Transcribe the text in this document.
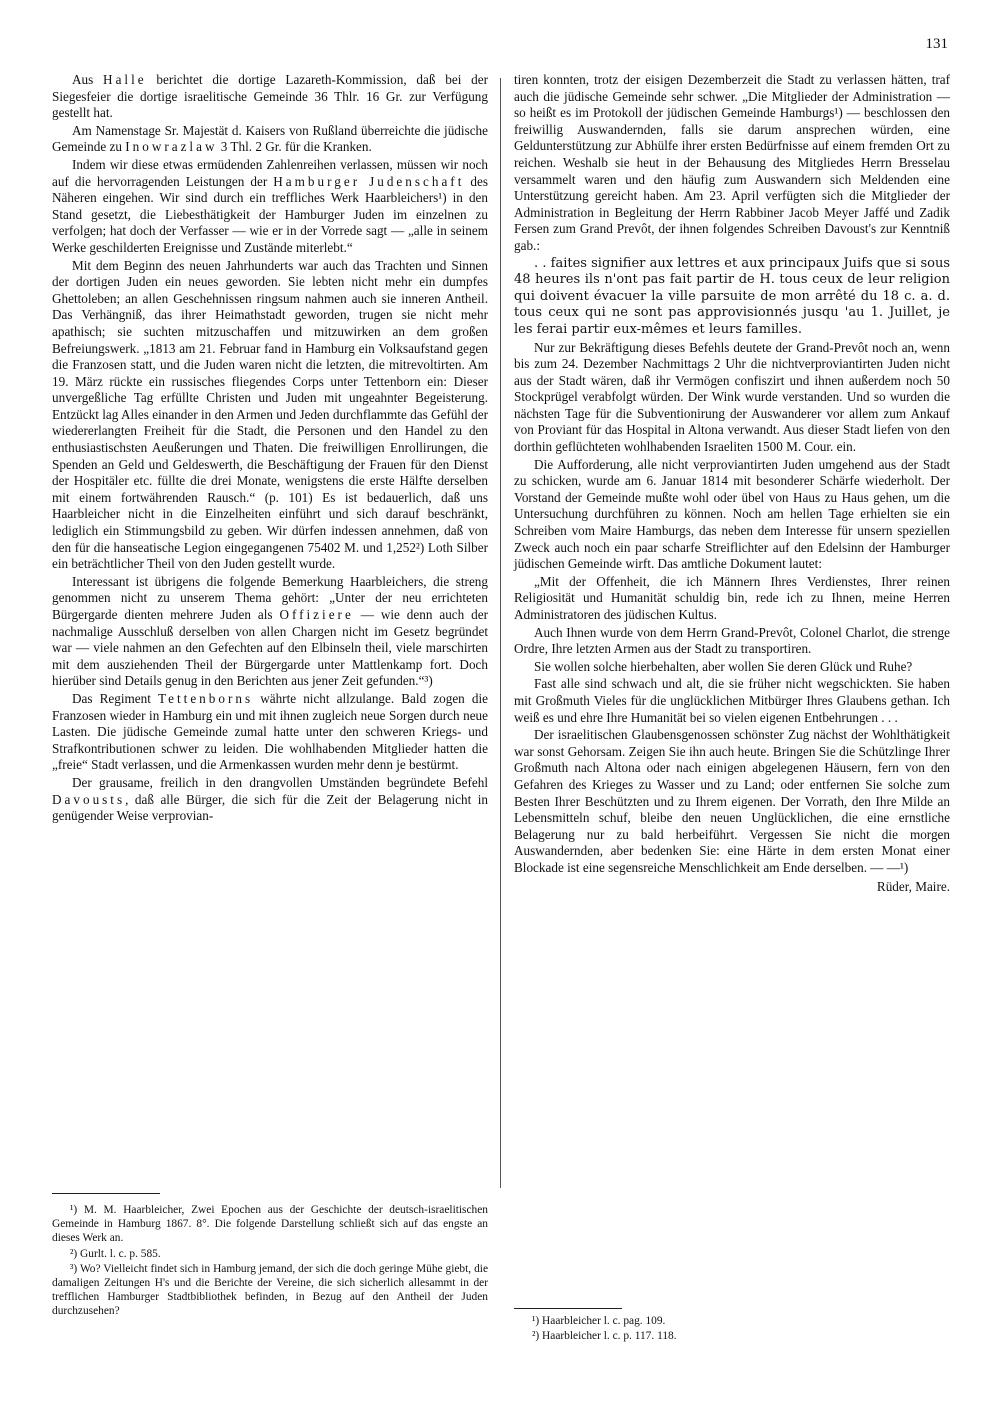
131

Aus Halle berichtet die dortige Lazareth-Kommission, daß bei der Siegesfeier die dortige israelitische Gemeinde 36 Thlr. 16 Gr. zur Verfügung gestellt hat.

Am Namenstage Sr. Majestät d. Kaisers von Rußland überreichte die jüdische Gemeinde zu Inowrazlaw 3 Thl. 2 Gr. für die Kranken.

Indem wir diese etwas ermüdenden Zahlenreihen verlassen, müssen wir noch auf die hervorragenden Leistungen der Hamburger Judenschaft des Näheren eingehen. Wir sind durch ein treffliches Werk Haarbleichers¹) in den Stand gesetzt, die Liebesthätigkeit der Hamburger Juden im einzelnen zu verfolgen; hat doch der Verfasser — wie er in der Vorrede sagt — „alle in seinem Werke geschilderten Ereignisse und Zustände miterlebt.“

Mit dem Beginn des neuen Jahrhunderts war auch das Trachten und Sinnen der dortigen Juden ein neues geworden. Sie lebten nicht mehr ein dumpfes Ghettoleben; an allen Geschehnissen ringsum nahmen auch sie inneren Antheil. Das Verhängniß, das ihrer Heimathstadt geworden, trugen sie nicht mehr apathisch; sie suchten mitzuschaffen und mitzuwirken an dem großen Befreiungswerk. „1813 am 21. Februar fand in Hamburg ein Volksaufstand gegen die Franzosen statt, und die Juden waren nicht die letzten, die mitrevoltirten. Am 19. März rückte ein russisches fliegendes Corps unter Tettenborn ein: Dieser unvergeßliche Tag erfüllte Christen und Juden mit ungeahnter Begeisterung. Entzückt lag Alles einander in den Armen und Jeden durchflammte das Gefühl der wiedererlangten Freiheit für die Stadt, die Personen und den Handel zu den enthusiastischsten Aeußerungen und Thaten. Die freiwilligen Enrollirungen, die Spenden an Geld und Geldeswerth, die Beschäftigung der Frauen für den Dienst der Hospitäler etc. füllte die drei Monate, wenigstens die erste Hälfte derselben mit einem fortwährenden Rausch.“ (p. 101) Es ist bedauerlich, daß uns Haarbleicher nicht in die Einzelheiten einführt und sich darauf beschränkt, lediglich ein Stimmungsbild zu geben. Wir dürfen indessen annehmen, daß von den für die hanseatische Legion eingegangenen 75402 M. und 1,252²) Loth Silber ein beträchtlicher Theil von den Juden gestellt wurde.

Interessant ist übrigens die folgende Bemerkung Haarbleichers, die streng genommen nicht zu unserem Thema gehört: „Unter der neu errichteten Bürgergarde dienten mehrere Juden als Offiziere — wie denn auch der nachmalige Ausschluß derselben von allen Chargen nicht im Gesetz begründet war — viele nahmen an den Gefechten auf den Elbinseln theil, viele marschirten mit dem ausziehenden Theil der Bürgergarde unter Mattlenkamp fort. Doch hierüber sind Details genug in den Berichten aus jener Zeit gefunden.“³)

Das Regiment Tettenborns währte nicht allzulange. Bald zogen die Franzosen wieder in Hamburg ein und mit ihnen zugleich neue Sorgen durch neue Lasten. Die jüdische Gemeinde zumal hatte unter den schweren Kriegs- und Strafkontributionen schwer zu leiden. Die wohlhabenden Mitglieder hatten die „freie“ Stadt verlassen, und die Armenkassen wurden mehr denn je bestürmt.

Der grausame, freilich in den drangvollen Umständen begründete Befehl Davousts, daß alle Bürger, die sich für die Zeit der Belagerung nicht in genügender Weise verprovian-

¹) M. M. Haarbleicher, Zwei Epochen aus der Geschichte der deutsch-israelitischen Gemeinde in Hamburg 1867. 8°. Die folgende Darstellung schließt sich auf das engste an dieses Werk an.

²) Gurlt. l. c. p. 585.

³) Wo? Vielleicht findet sich in Hamburg jemand, der sich die doch geringe Mühe giebt, die damaligen Zeitungen H's und die Berichte der Vereine, die sich sicherlich allesammt in der trefflichen Hamburger Stadtbibliothek befinden, in Bezug auf den Antheil der Juden durchzusehen?

tiren konnten, trotz der eisigen Dezemberzeit die Stadt zu verlassen hätten, traf auch die jüdische Gemeinde sehr schwer. „Die Mitglieder der Administration — so heißt es im Protokoll der jüdischen Gemeinde Hamburgs¹) — beschlossen den freiwillig Auswandernden, falls sie darum ansprechen würden, eine Geldunterstützung zur Abhülfe ihrer ersten Bedürfnisse auf einem fremden Ort zu reichen. Weshalb sie heut in der Behausung des Mitgliedes Herrn Bresselau versammelt waren und den häufig zum Auswandern sich Meldenden eine Unterstützung gereicht haben. Am 23. April verfügten sich die Mitglieder der Administration in Begleitung der Herrn Rabbiner Jacob Meyer Jaffé und Zadik Fersen zum Grand Prevôt, der ihnen folgendes Schreiben Davoust's zur Kenntniß gab.:

. . faites signifier aux lettres et aux principaux Juifs que si sous 48 heures ils n'ont pas fait partir de H. tous ceux de leur religion qui doivent évacuer la ville parsuite de mon arrêté du 18 c. a. d. tous ceux qui ne sont pas approvisionnés jusqu 'au 1. Juillet, je les ferai partir eux-mêmes et leurs familles.

Nur zur Bekräftigung dieses Befehls deutete der Grand-Prevôt noch an, wenn bis zum 24. Dezember Nachmittags 2 Uhr die nichtverproviantirten Juden nicht aus der Stadt wären, daß ihr Vermögen confiszirt und ihnen außerdem noch 50 Stockprügel verabfolgt würden. Der Wink wurde verstanden. Und so wurden die nächsten Tage für die Subventionirung der Auswanderer vor allem zum Ankauf von Proviant für das Hospital in Altona verwandt. Aus dieser Stadt liefen von den dorthin geflüchteten wohlhabenden Israeliten 1500 M. Cour. ein.

Die Aufforderung, alle nicht verproviantirten Juden umgehend aus der Stadt zu schicken, wurde am 6. Januar 1814 mit besonderer Schärfe wiederholt. Der Vorstand der Gemeinde mußte wohl oder übel von Haus zu Haus gehen, um die Untersuchung durchführen zu können. Noch am hellen Tage erhielten sie ein Schreiben vom Maire Hamburgs, das neben dem Interesse für unsern speziellen Zweck auch noch ein paar scharfe Streiflichter auf den Edelsinn der Hamburger jüdischen Gemeinde wirft. Das amtliche Dokument lautet:

„Mit der Offenheit, die ich Männern Ihres Verdienstes, Ihrer reinen Religiosität und Humanität schuldig bin, rede ich zu Ihnen, meine Herren Administratoren des jüdischen Kultus.

Auch Ihnen wurde von dem Herrn Grand-Prevôt, Colonel Charlot, die strenge Ordre, Ihre letzten Armen aus der Stadt zu transportiren.

Sie wollen solche hierbehalten, aber wollen Sie deren Glück und Ruhe?

Fast alle sind schwach und alt, die sie früher nicht wegschickten. Sie haben mit Großmuth Vieles für die unglücklichen Mitbürger Ihres Glaubens gethan. Ich weiß es und ehre Ihre Humanität bei so vielen eigenen Entbehrungen . . .

Der israelitischen Glaubensgenossen schönster Zug nächst der Wohlthätigkeit war sonst Gehorsam. Zeigen Sie ihn auch heute. Bringen Sie die Schützlinge Ihrer Großmuth nach Altona oder nach einigen abgelegenen Häusern, fern von den Gefahren des Krieges zu Wasser und zu Land; oder entfernen Sie solche zum Besten Ihrer Beschützten und zu Ihrem eigenen. Der Vorrath, den Ihre Milde an Lebensmitteln schuf, bleibe den neuen Unglücklichen, die eine ernstliche Belagerung nur zu bald herbeiführt. Vergessen Sie nicht die morgen Auswandernden, aber bedenken Sie: eine Härte in dem ersten Monat einer Blockade ist eine segensreiche Menschlichkeit am Ende derselben. — —¹)

Rüder, Maire.

¹) Haarbleicher l. c. pag. 109.

²) Haarbleicher l. c. p. 117. 118.
